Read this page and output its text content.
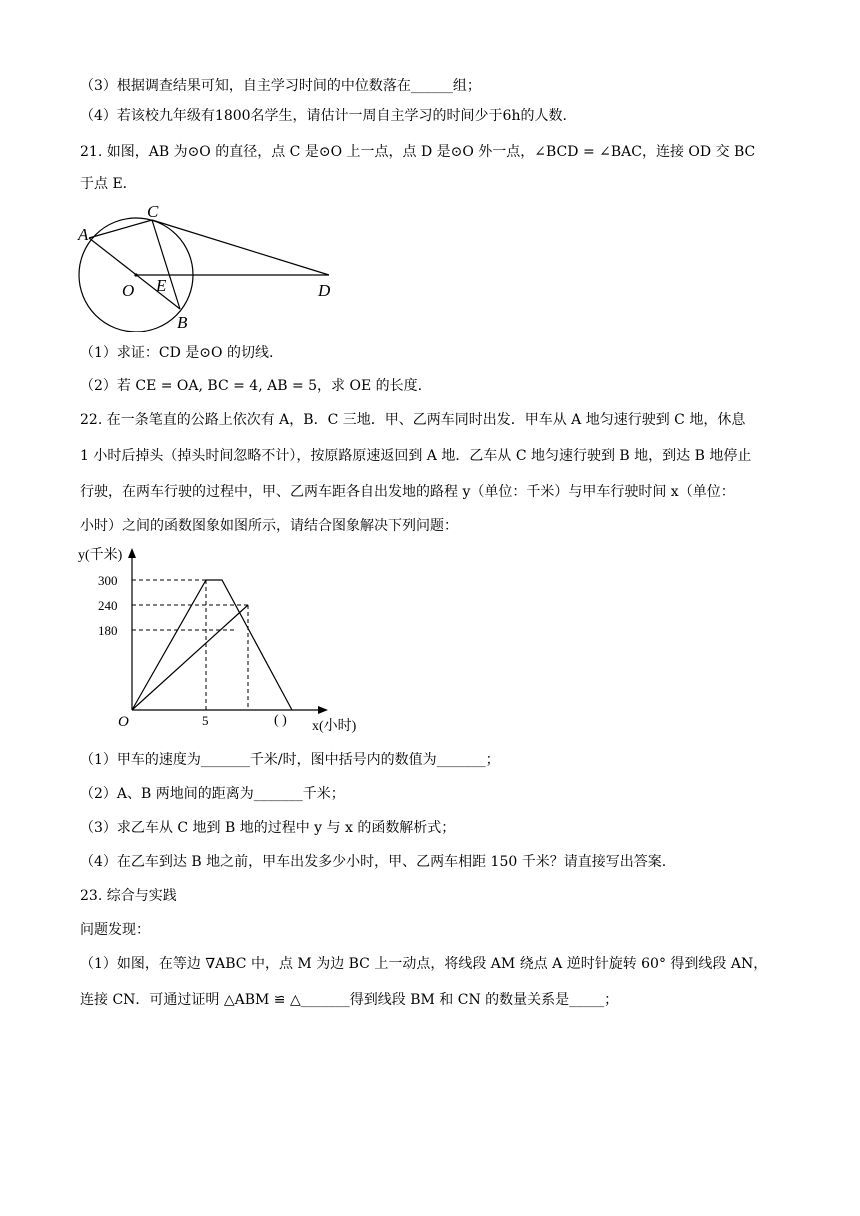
（3）根据调查结果可知，自主学习时间的中位数落在______组；
（4）若该校九年级有1800名学生，请估计一周自主学习的时间少于6h的人数.
21. 如图，AB 为⊙O 的直径，点 C 是⊙O 上一点，点 D 是⊙O 外一点，∠BCD = ∠BAC，连接 OD 交 BC
于点 E．
A
C
O E
B
D
（1）求证：CD 是⊙O 的切线.
（2）若 CE = OA, BC = 4, AB = 5，求 OE 的长度.
22. 在一条笔直的公路上依次有 A，B．C 三地．甲、乙两车同时出发．甲车从 A 地匀速行驶到 C 地，休息
1 小时后掉头（掉头时间忽略不计），按原路原速返回到 A 地．乙车从 C 地匀速行驶到 B 地，到达 B 地停止
行驶，在两车行驶的过程中，甲、乙两车距各自出发地的路程 y（单位：千米）与甲车行驶时间 x（单位：
小时）之间的函数图象如图所示，请结合图象解决下列问题：
y(千米)
300
240
180
O	5	( ) x(小时)
（1）甲车的速度为_______千米/时，图中括号内的数值为_______；
（2）A、B 两地间的距离为_______千米；
（3）求乙车从 C 地到 B 地的过程中 y 与 x 的函数解析式；
（4）在乙车到达 B 地之前，甲车出发多少小时，甲、乙两车相距 150 千米？请直接写出答案.
23. 综合与实践
问题发现：
（1）如图，在等边 ∇ABC 中，点 M 为边 BC 上一动点，将线段 AM 绕点 A 逆时针旋转 60° 得到线段 AN，
连接 CN．可通过证明 △ABM ≌ △_______得到线段 BM 和 CN 的数量关系是_____；
